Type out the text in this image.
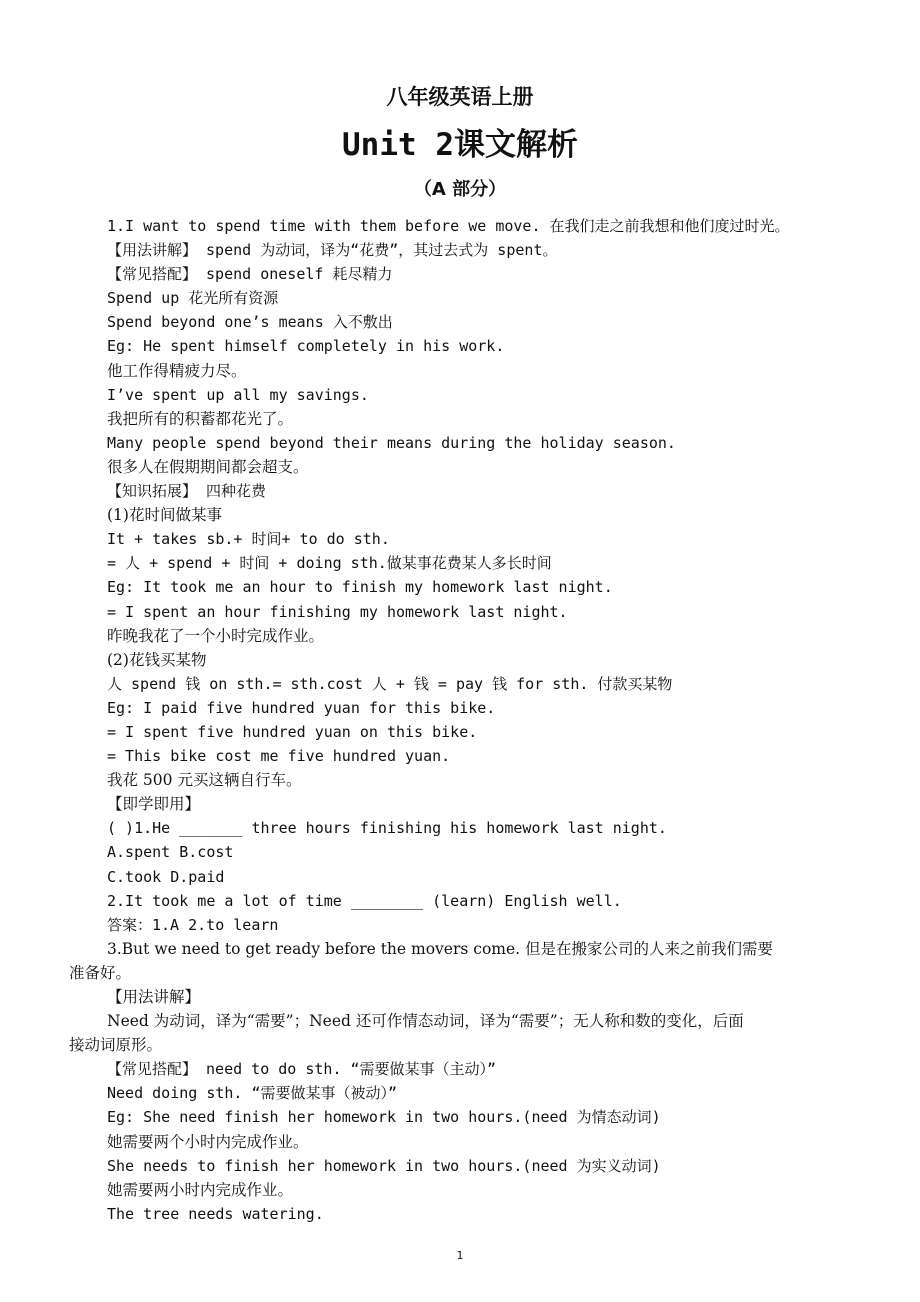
八年级英语上册
Unit 2课文解析
（A 部分）
1.I want to spend time with them before we move. 在我们走之前我想和他们度过时光。
【用法讲解】 spend 为动词，译为“花费”，其过去式为 spent。
【常见搭配】 spend oneself 耗尽精力
Spend up 花光所有资源
Spend beyond one’s means 入不敷出
Eg: He spent himself completely in his work.
他工作得精疲力尽。
I’ve spent up all my savings.
我把所有的积蓄都花光了。
Many people spend beyond their means during the holiday season.
很多人在假期期间都会超支。
【知识拓展】 四种花费
(1)花时间做某事
It + takes sb.+ 时间+ to do sth.
= 人 + spend + 时间 + doing sth.做某事花费某人多长时间
Eg: It took me an hour to finish my homework last night.
= I spent an hour finishing my homework last night.
昨晚我花了一个小时完成作业。
(2)花钱买某物
人 spend 钱 on sth.= sth.cost 人 + 钱 = pay 钱 for sth. 付款买某物
Eg: I paid five hundred yuan for this bike.
= I spent five hundred yuan on this bike.
= This bike cost me five hundred yuan.
我花 500 元买这辆自行车。
【即学即用】
( )1.He _______ three hours finishing his homework last night.
A.spent B.cost
C.took D.paid
2.It took me a lot of time ________ (learn) English well.
答案：1.A 2.to learn
3.But we need to get ready before the movers come. 但是在搬家公司的人来之前我们需要
准备好。
【用法讲解】
Need 为动词，译为“需要”；Need 还可作情态动词，译为“需要”；无人称和数的变化，后面
接动词原形。
【常见搭配】 need to do sth. “需要做某事（主动）”
Need doing sth. “需要做某事（被动）”
Eg: She need finish her homework in two hours.(need 为情态动词)
她需要两个小时内完成作业。
She needs to finish her homework in two hours.(need 为实义动词)
她需要两小时内完成作业。
The tree needs watering.
1
